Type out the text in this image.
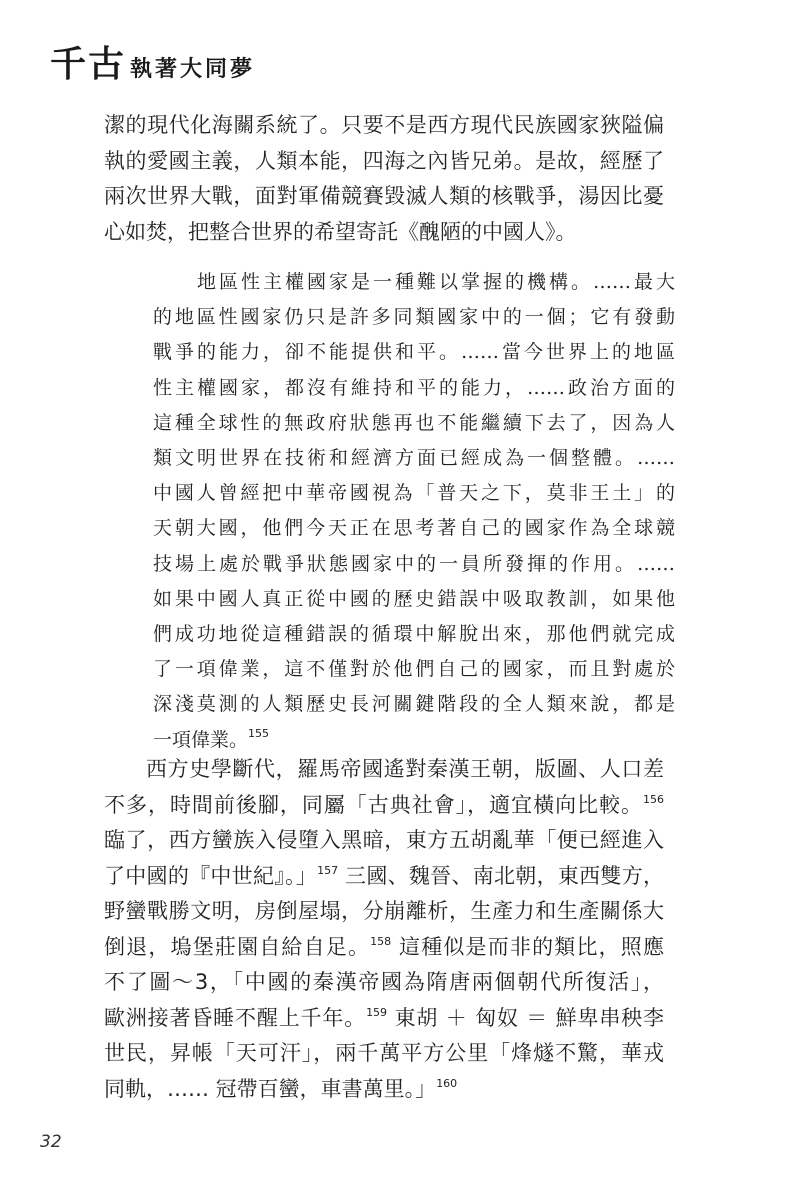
千古 執著大同夢
潔的現代化海關系統了。只要不是西方現代民族國家狹隘偏
執的愛國主義，人類本能，四海之內皆兄弟。是故，經歷了
兩次世界大戰，面對軍備競賽毀滅人類的核戰爭，湯因比憂
心如焚，把整合世界的希望寄託《醜陋的中國人》。
地區性主權國家是一種難以掌握的機構。……最大
的地區性國家仍只是許多同類國家中的一個；它有發動
戰爭的能力，卻不能提供和平。……當今世界上的地區
性主權國家，都沒有維持和平的能力，……政治方面的
這種全球性的無政府狀態再也不能繼續下去了，因為人
類文明世界在技術和經濟方面已經成為一個整體。……
中國人曾經把中華帝國視為「普天之下，莫非王土」的
天朝大國，他們今天正在思考著自己的國家作為全球競
技場上處於戰爭狀態國家中的一員所發揮的作用。……
如果中國人真正從中國的歷史錯誤中吸取教訓，如果他
們成功地從這種錯誤的循環中解脫出來，那他們就完成
了一項偉業，這不僅對於他們自己的國家，而且對處於
深淺莫測的人類歷史長河關鍵階段的全人類來說，都是
一項偉業。$^{155}$
西方史學斷代，羅馬帝國遙對秦漢王朝，版圖、人口差
不多，時間前後腳，同屬「古典社會」，適宜橫向比較。$^{156}$
臨了，西方蠻族入侵墮入黑暗，東方五胡亂華「便已經進入
了中國的『中世紀』。」$^{157}$ 三國、魏晉、南北朝，東西雙方，
野蠻戰勝文明，房倒屋塌，分崩離析，生產力和生產關係大
倒退，塢堡莊園自給自足。$^{158}$ 這種似是而非的類比，照應
不了圖～3，「中國的秦漢帝國為隋唐兩個朝代所復活」，
歐洲接著昏睡不醒上千年。$^{159}$ 東胡 ＋ 匈奴 ＝ 鮮卑串秧李
世民，昇帳「天可汗」，兩千萬平方公里「烽燧不驚，華戎
同軌，…… 冠帶百蠻，車書萬里。」$^{160}$
32
